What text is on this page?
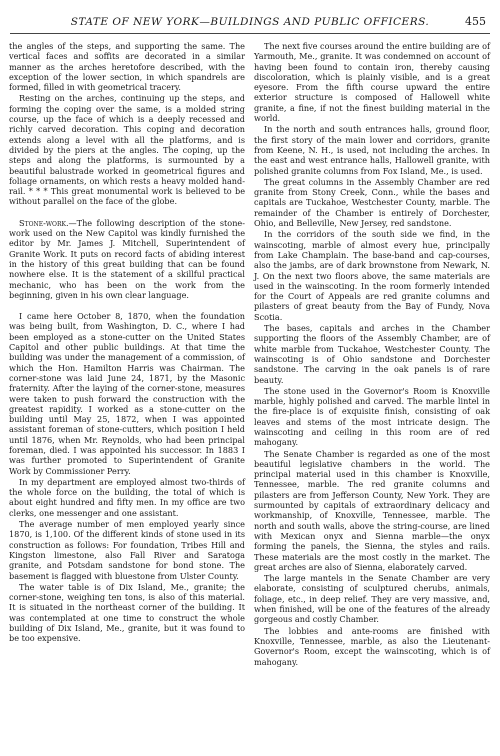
STATE OF NEW YORK—BUILDINGS AND PUBLIC OFFICERS.	455

the angles of the steps, and supporting the same. The vertical faces and soffits are decorated in a similar manner as the arches heretofore described, with the exception of the lower section, in which spandrels are formed, filled in with geometrical tracery.

Resting on the arches, continuing up the steps, and forming the coping over the same, is a molded string course, up the face of which is a deeply recessed and richly carved decoration. This coping and decoration extends along a level with all the platforms, and is divided by the piers at the angles. The coping, up the steps and along the platforms, is surmounted by a beautiful balustrade worked in geometrical figures and foliage ornaments, on which rests a heavy molded hand-rail. * * * This great monumental work is believed to be without parallel on the face of the globe.

Stone-work.—The following description of the stone-work used on the New Capitol was kindly furnished the editor by Mr. James J. Mitchell, Superintendent of Granite Work. It puts on record facts of abiding interest in the history of this great building that can be found nowhere else. It is the statement of a skillful practical mechanic, who has been on the work from the beginning, given in his own clear language.

I came here October 8, 1870, when the foundation was being built, from Washington, D. C., where I had been employed as a stone-cutter on the United States Capitol and other public buildings. At that time the building was under the management of a commission, of which the Hon. Hamilton Harris was Chairman. The corner-stone was laid June 24, 1871, by the Masonic fraternity. After the laying of the corner-stone, measures were taken to push forward the construction with the greatest rapidity. I worked as a stone-cutter on the building until May 25, 1872, when I was appointed assistant foreman of stone-cutters, which position I held until 1876, when Mr. Reynolds, who had been principal foreman, died. I was appointed his successor. In 1883 I was further promoted to Superintendent of Granite Work by Commissioner Perry.

In my department are employed almost two-thirds of the whole force on the building, the total of which is about eight hundred and fifty men. In my office are two clerks, one messenger and one assistant.

The average number of men employed yearly since 1870, is 1,100. Of the different kinds of stone used in its construction as follows: For foundation, Tribes Hill and Kingston limestone, also Fall River and Saratoga granite, and Potsdam sandstone for bond stone. The basement is flagged with bluestone from Ulster County.

The water table is of Dix Island, Me., granite; the corner-stone, weighing ten tons, is also of this material. It is situated in the northeast corner of the building. It was contemplated at one time to construct the whole building of Dix Island, Me., granite, but it was found to be too expensive.

The next five courses around the entire building are of Yarmouth, Me., granite. It was condemned on account of having been found to contain iron, thereby causing discoloration, which is plainly visible, and is a great eyesore. From the fifth course upward the entire exterior structure is composed of Hallowell white granite, a fine, if not the finest building material in the world.

In the north and south entrances halls, ground floor, the first story of the main lower and corridors, granite from Keene, N. H., is used, not including the arches. In the east and west entrance halls, Hallowell granite, with polished granite columns from Fox Island, Me., is used.

The great columns in the Assembly Chamber are red granite from Stony Creek, Conn., while the bases and capitals are Tuckahoe, Westchester County, marble. The remainder of the Chamber is entirely of Dorchester, Ohio, and Belleville, New Jersey, red sandstone.

In the corridors of the south side we find, in the wainscoting, marble of almost every hue, principally from Lake Champlain. The base-band and cap-courses, also the jambs, are of dark brownstone from Newark, N. J. On the next two floors above, the same materials are used in the wainscoting. In the room formerly intended for the Court of Appeals are red granite columns and pilasters of great beauty from the Bay of Fundy, Nova Scotia.

The bases, capitals and arches in the Chamber supporting the floors of the Assembly Chamber, are of white marble from Tuckahoe, Westchester County. The wainscoting is of Ohio sandstone and Dorchester sandstone. The carving in the oak panels is of rare beauty.

The stone used in the Governor's Room is Knoxville marble, highly polished and carved. The marble lintel in the fire-place is of exquisite finish, consisting of oak leaves and stems of the most intricate design. The wainscoting and ceiling in this room are of red mahogany.

The Senate Chamber is regarded as one of the most beautiful legislative chambers in the world. The principal material used in this chamber is Knoxville, Tennessee, marble. The red granite columns and pilasters are from Jefferson County, New York. They are surmounted by capitals of extraordinary delicacy and workmanship, of Knoxville, Tennessee, marble. The north and south walls, above the string-course, are lined with Mexican onyx and Sienna marble—the onyx forming the panels, the Sienna, the styles and rails. These materials are the most costly in the market. The great arches are also of Sienna, elaborately carved.

The large mantels in the Senate Chamber are very elaborate, consisting of sculptured cherubs, animals, foliage, etc., in deep relief. They are very massive, and, when finished, will be one of the features of the already gorgeous and costly Chamber.

The lobbies and ante-rooms are finished with Knoxville, Tennessee, marble, as also the Lieutenant-Governor's Room, except the wainscoting, which is of mahogany.
